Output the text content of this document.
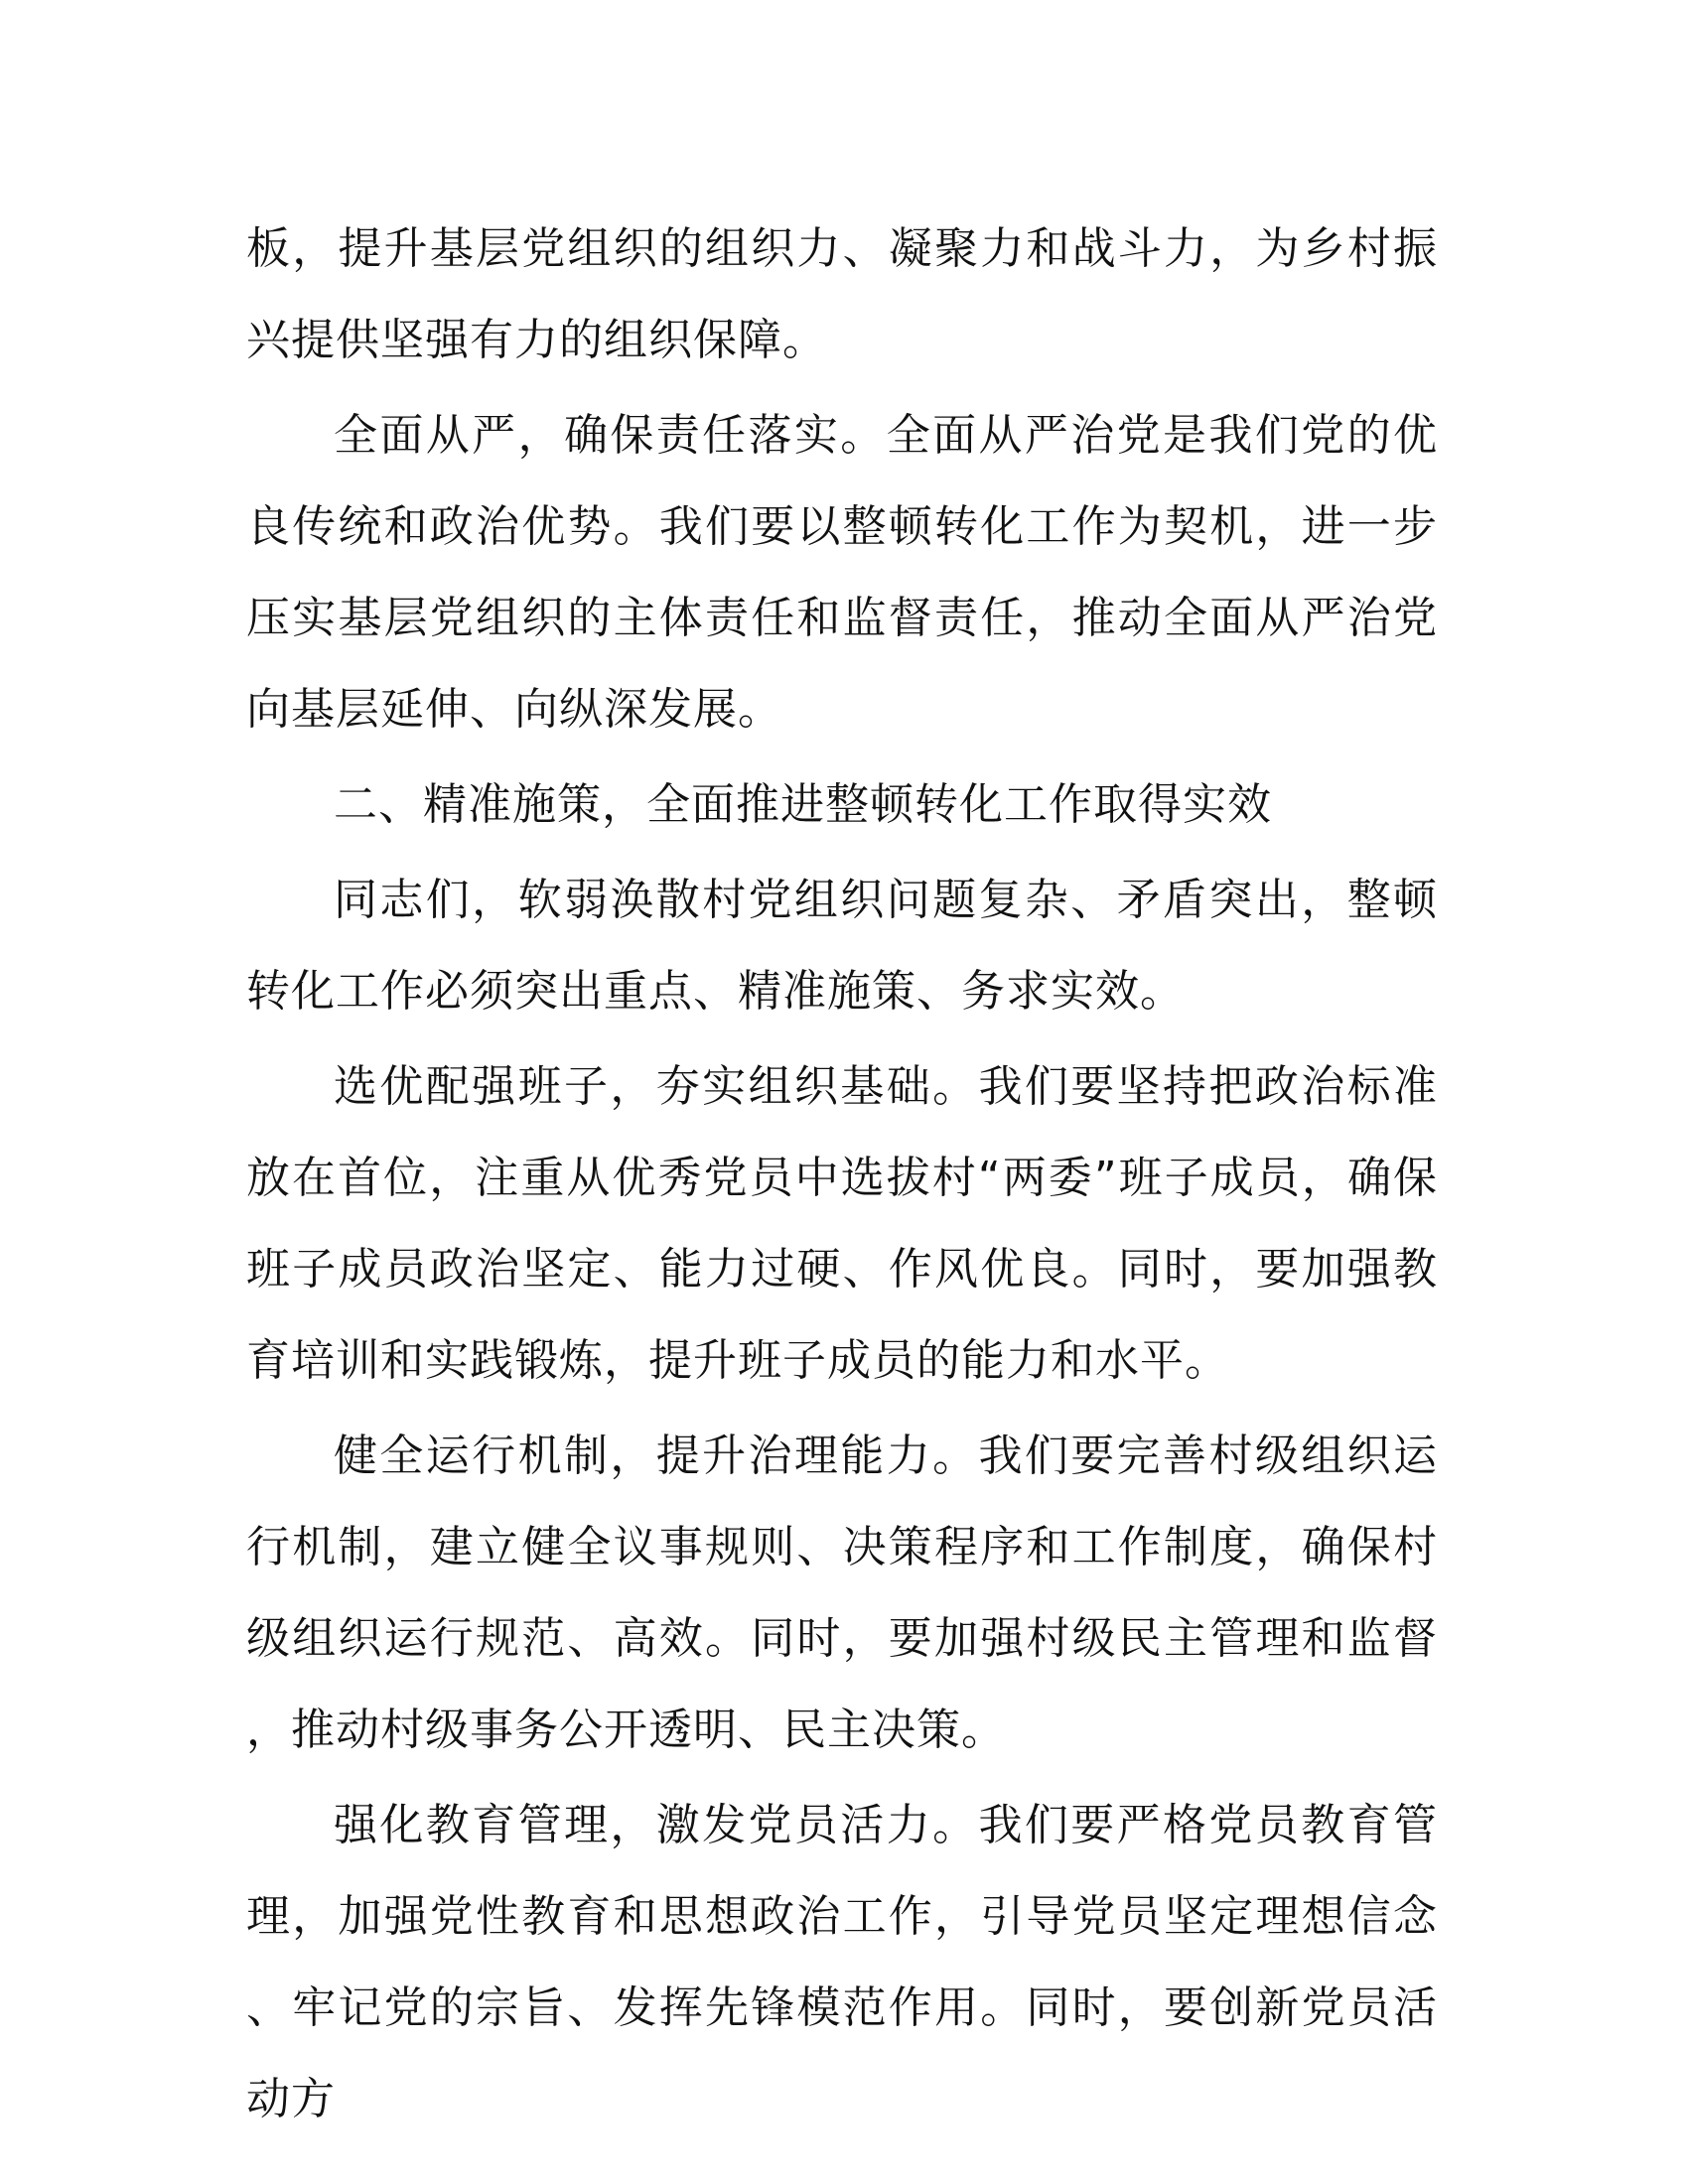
板，提升基层党组织的组织力、凝聚力和战斗力，为乡村振兴提供坚强有力的组织保障。

全面从严，确保责任落实。全面从严治党是我们党的优良传统和政治优势。我们要以整顿转化工作为契机，进一步压实基层党组织的主体责任和监督责任，推动全面从严治党向基层延伸、向纵深发展。

二、精准施策，全面推进整顿转化工作取得实效

同志们，软弱涣散村党组织问题复杂、矛盾突出，整顿转化工作必须突出重点、精准施策、务求实效。

选优配强班子，夯实组织基础。我们要坚持把政治标准放在首位，注重从优秀党员中选拔村“两委”班子成员，确保班子成员政治坚定、能力过硬、作风优良。同时，要加强教育培训和实践锻炼，提升班子成员的能力和水平。

健全运行机制，提升治理能力。我们要完善村级组织运行机制，建立健全议事规则、决策程序和工作制度，确保村级组织运行规范、高效。同时，要加强村级民主管理和监督，推动村级事务公开透明、民主决策。

强化教育管理，激发党员活力。我们要严格党员教育管理，加强党性教育和思想政治工作，引导党员坚定理想信念、牢记党的宗旨、发挥先锋模范作用。同时，要创新党员活动方
